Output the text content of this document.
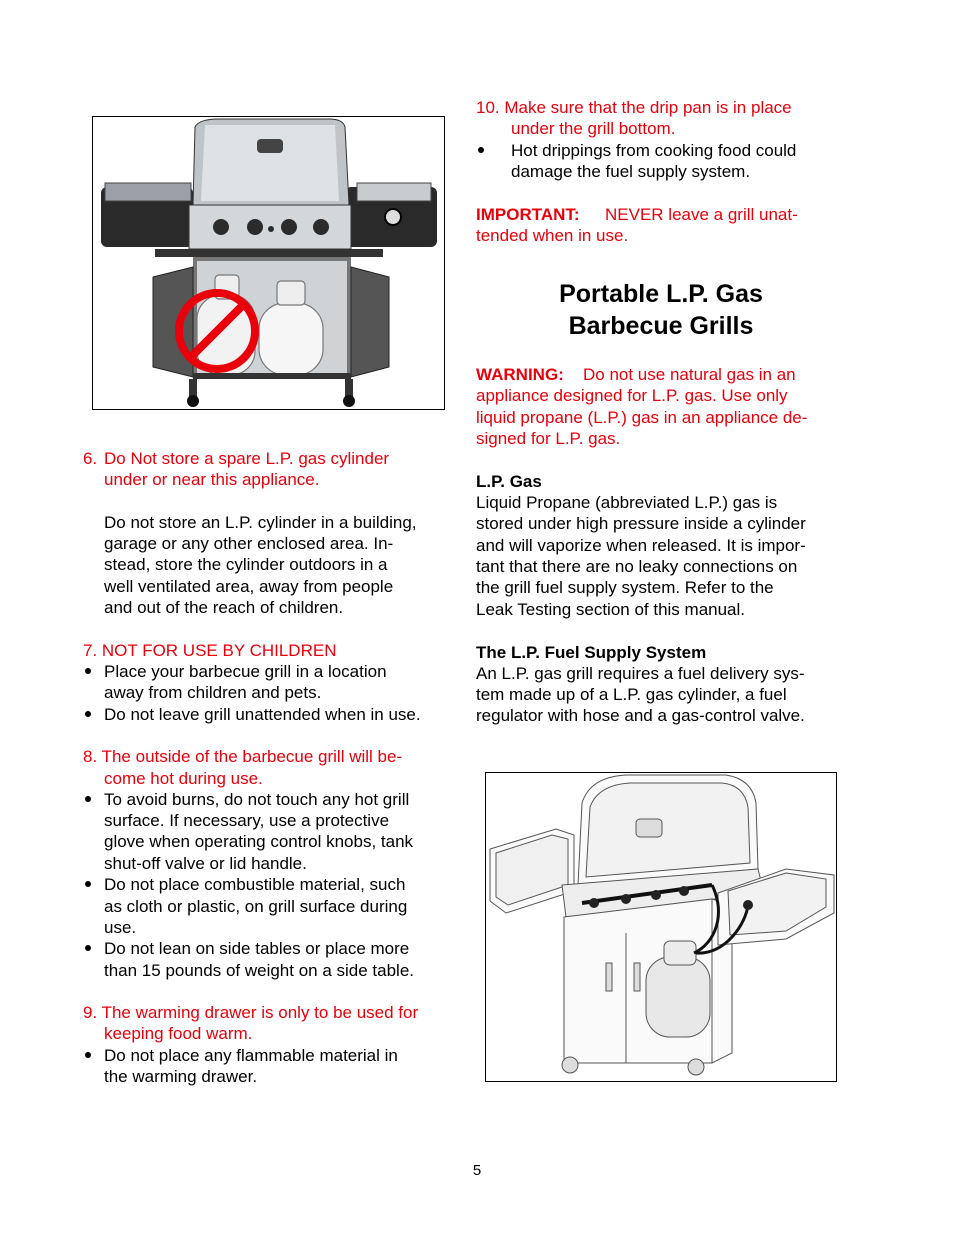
6. Do Not store a spare L.P. gas cylinder
under or near this appliance.
Do not store an L.P. cylinder in a building,
garage or any other enclosed area. In-
stead, store the cylinder outdoors in a
well ventilated area, away from people
and out of the reach of children.
7. NOT FOR USE BY CHILDREN
Place your barbecue grill in a location
away from children and pets.
Do not leave grill unattended when in use.
8. The outside of the barbecue grill will be-
come hot during use.
To avoid burns, do not touch any hot grill
surface. If necessary, use a protective
glove when operating control knobs, tank
shut-off valve or lid handle.
Do not place combustible material, such
as cloth or plastic, on grill surface during
use.
Do not lean on side tables or place more
than 15 pounds of weight on a side table.
9. The warming drawer is only to be used for
keeping food warm.
Do not place any flammable material in
the warming drawer.
10. Make sure that the drip pan is in place
under the grill bottom.
Hot drippings from cooking food could
damage the fuel supply system.
IMPORTANT: NEVER leave a grill unat-
tended when in use.
Portable L.P. Gas
Barbecue Grills
WARNING: Do not use natural gas in an
appliance designed for L.P. gas. Use only
liquid propane (L.P.) gas in an appliance de-
signed for L.P. gas.
L.P. Gas
Liquid Propane (abbreviated L.P.) gas is
stored under high pressure inside a cylinder
and will vaporize when released. It is impor-
tant that there are no leaky connections on
the grill fuel supply system. Refer to the
Leak Testing section of this manual.
The L.P. Fuel Supply System
An L.P. gas grill requires a fuel delivery sys-
tem made up of a L.P. gas cylinder, a fuel
regulator with hose and a gas-control valve.
5
